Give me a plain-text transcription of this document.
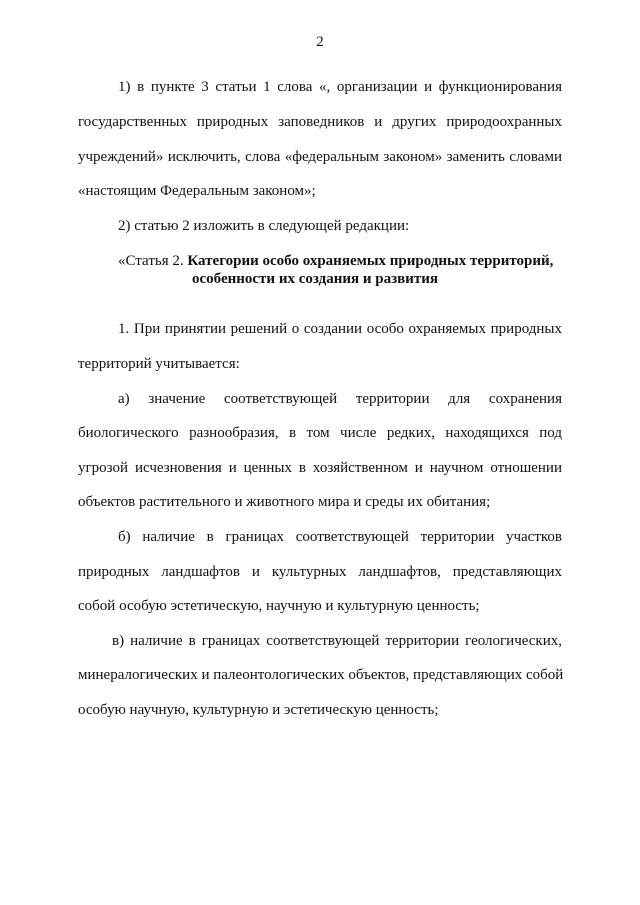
2
1) в пункте 3 статьи 1 слова «, организации и функционирования
государственных природных заповедников и других природоохранных
учреждений» исключить, слова «федеральным законом» заменить словами
«настоящим Федеральным законом»;
2) статью 2 изложить в следующей редакции:
«Статья 2. Категории особо охраняемых природных территорий,
особенности их создания и развития
1. При принятии решений о создании особо охраняемых природных
территорий учитывается:
а) значение соответствующей территории для сохранения
биологического разнообразия, в том числе редких, находящихся под
угрозой исчезновения и ценных в хозяйственном и научном отношении
объектов растительного и животного мира и среды их обитания;
б) наличие в границах соответствующей территории участков
природных ландшафтов и культурных ландшафтов, представляющих
собой особую эстетическую, научную и культурную ценность;
в) наличие в границах соответствующей территории геологических,
минералогических и палеонтологических объектов, представляющих собой
особую научную, культурную и эстетическую ценность;
